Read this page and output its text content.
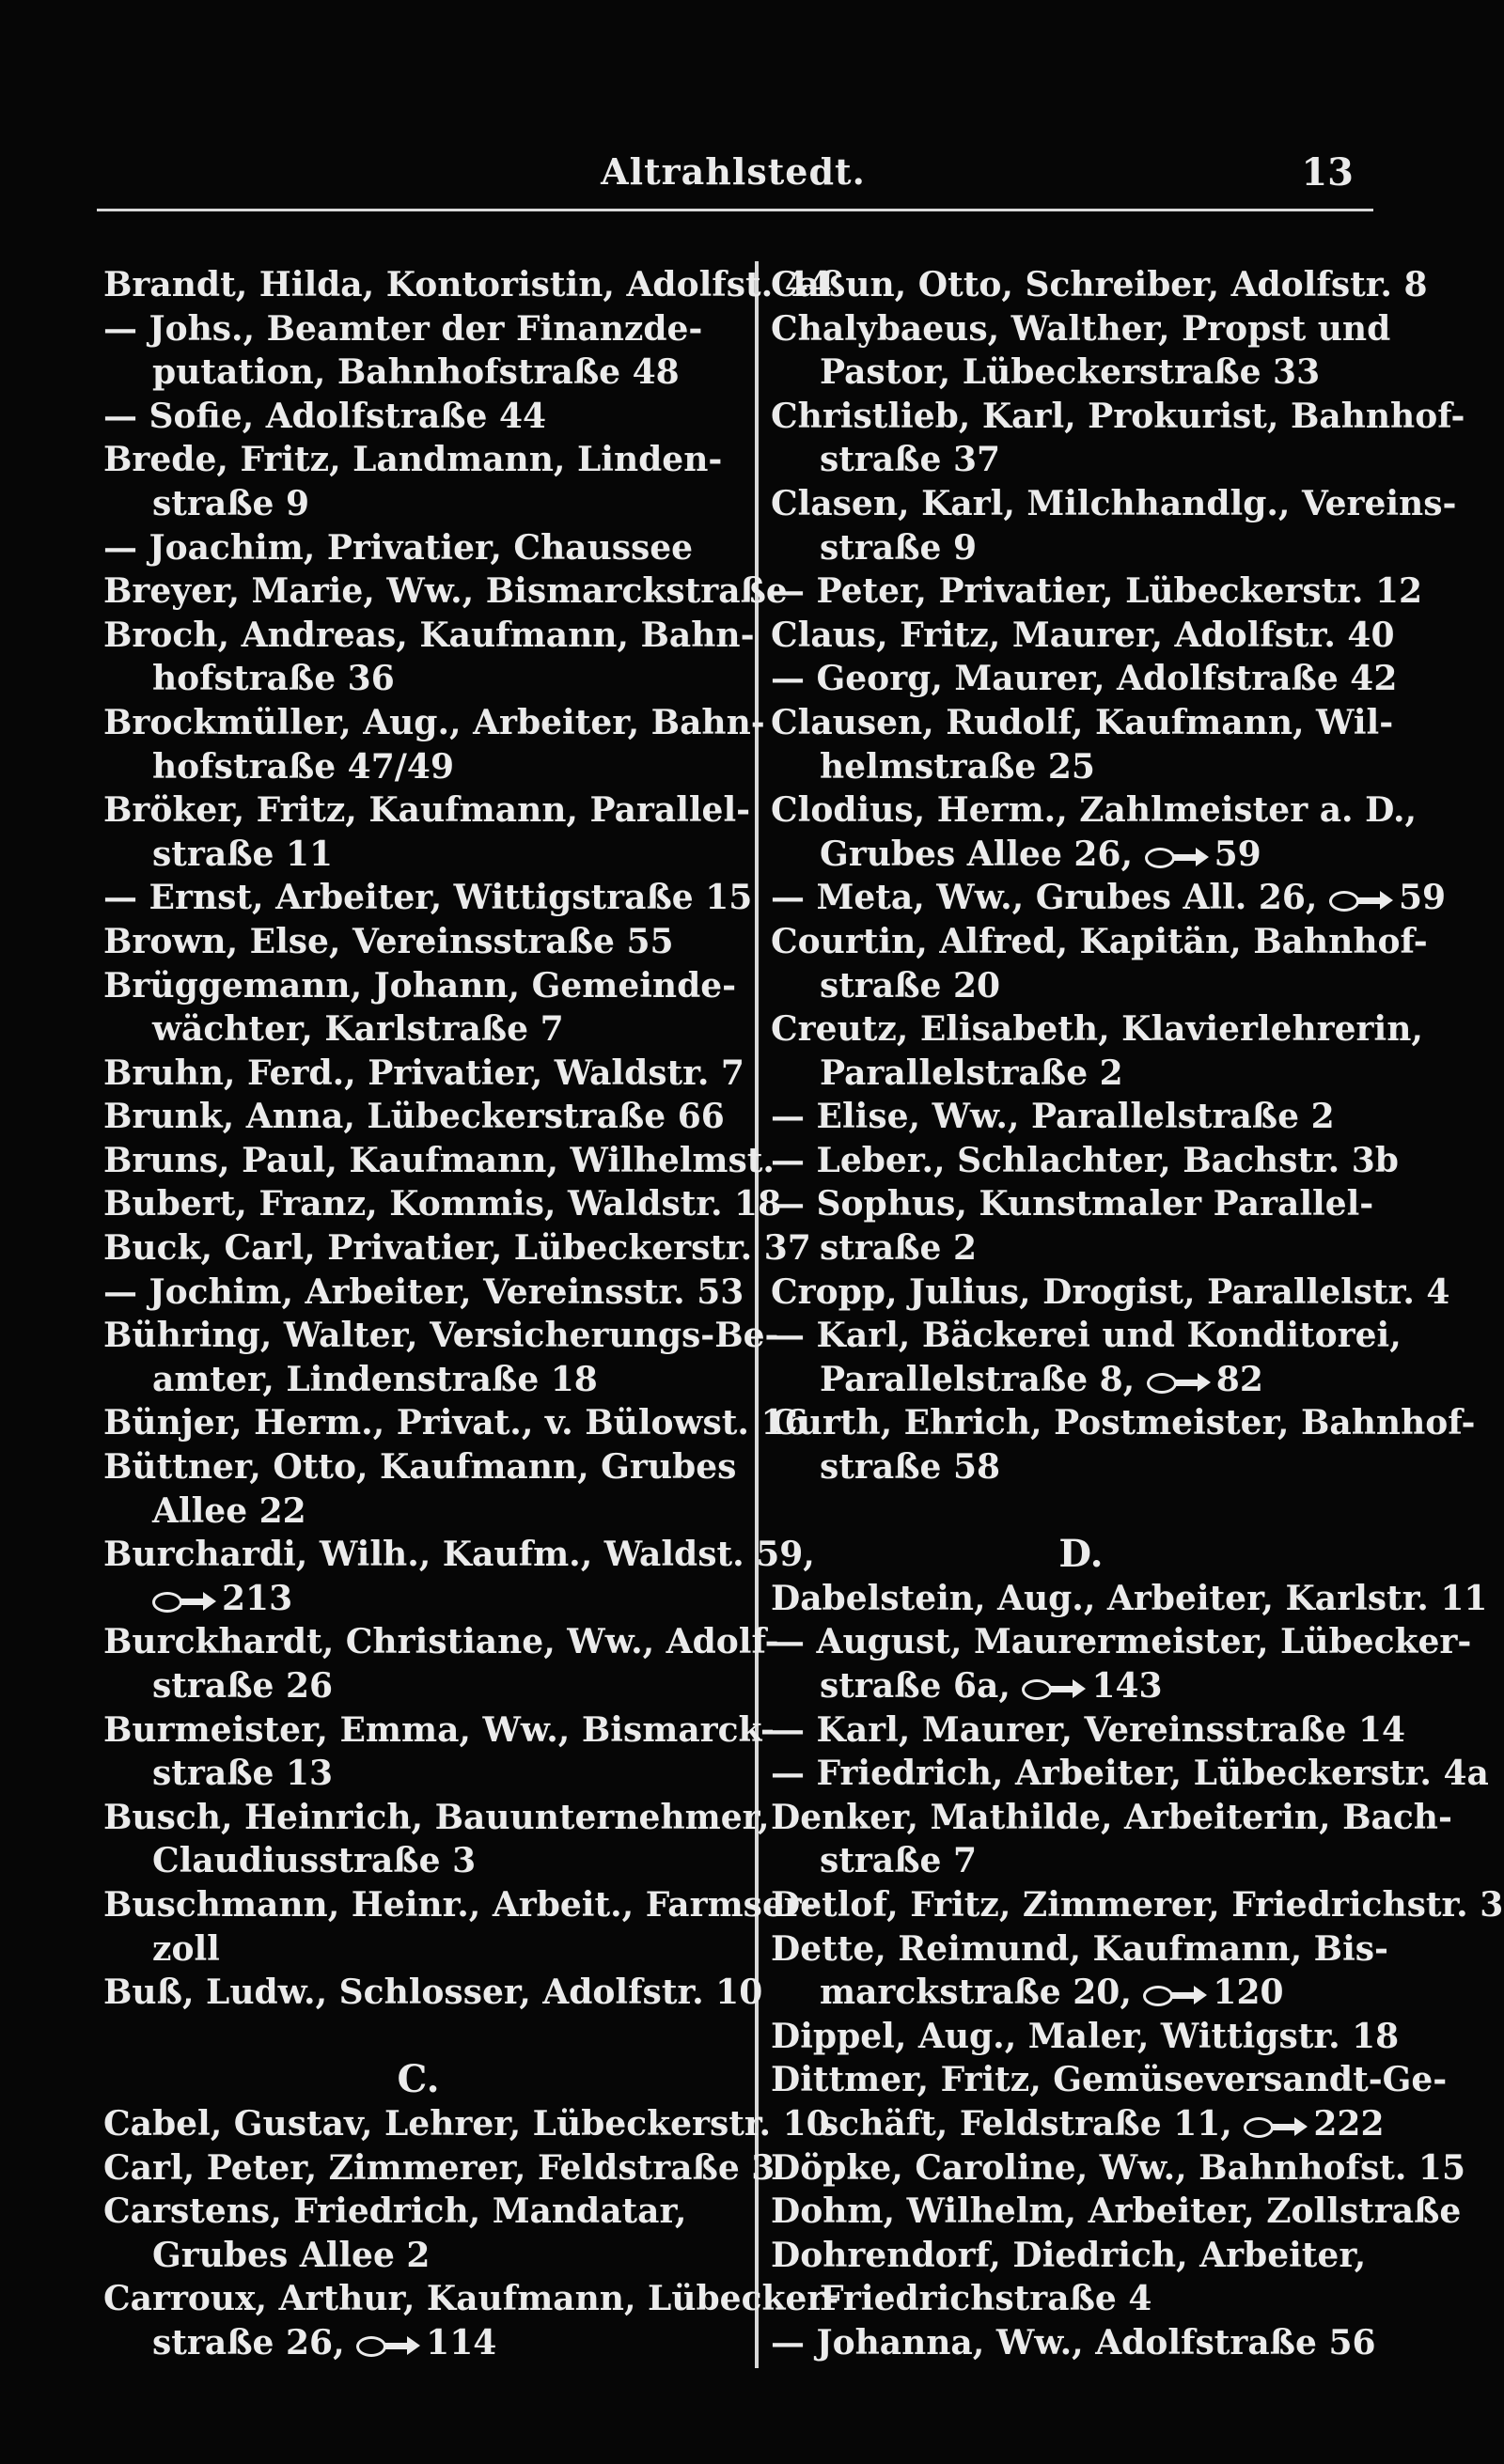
Altrahlstedt.	13
Brandt, Hilda, Kontoristin, Adolfst. 44
— Johs., Beamter der Finanzde-
putation, Bahnhofstraße 48
— Sofie, Adolfstraße 44
Brede, Fritz, Landmann, Linden-
straße 9
— Joachim, Privatier, Chaussee
Breyer, Marie, Ww., Bismarckstraße
Broch, Andreas, Kaufmann, Bahn-
hofstraße 36
Brockmüller, Aug., Arbeiter, Bahn-
hofstraße 47/49
Bröker, Fritz, Kaufmann, Parallel-
straße 11
— Ernst, Arbeiter, Wittigstraße 15
Brown, Else, Vereinsstraße 55
Brüggemann, Johann, Gemeinde-
wächter, Karlstraße 7
Bruhn, Ferd., Privatier, Waldstr. 7
Brunk, Anna, Lübeckerstraße 66
Bruns, Paul, Kaufmann, Wilhelmst.
Bubert, Franz, Kommis, Waldstr. 18
Buck, Carl, Privatier, Lübeckerstr. 37
— Jochim, Arbeiter, Vereinsstr. 53
Bühring, Walter, Versicherungs-Be-
amter, Lindenstraße 18
Bünjer, Herm., Privat., v. Bülowst. 16
Büttner, Otto, Kaufmann, Grubes
Allee 22
Burchardi, Wilh., Kaufm., Waldst. 59,
213
Burckhardt, Christiane, Ww., Adolf-
straße 26
Burmeister, Emma, Ww., Bismarck-
straße 13
Busch, Heinrich, Bauunternehmer,
Claudiusstraße 3
Buschmann, Heinr., Arbeit., Farmser-
zoll
Buß, Ludw., Schlosser, Adolfstr. 10
C.
Cabel, Gustav, Lehrer, Lübeckerstr. 10
Carl, Peter, Zimmerer, Feldstraße 3
Carstens, Friedrich, Mandatar,
Grubes Allee 2
Carroux, Arthur, Kaufmann, Lübecker-
straße 26, 114
Caßun, Otto, Schreiber, Adolfstr. 8
Chalybaeus, Walther, Propst und
Pastor, Lübeckerstraße 33
Christlieb, Karl, Prokurist, Bahnhof-
straße 37
Clasen, Karl, Milchhandlg., Vereins-
straße 9
— Peter, Privatier, Lübeckerstr. 12
Claus, Fritz, Maurer, Adolfstr. 40
— Georg, Maurer, Adolfstraße 42
Clausen, Rudolf, Kaufmann, Wil-
helmstraße 25
Clodius, Herm., Zahlmeister a. D.,
Grubes Allee 26, 59
— Meta, Ww., Grubes All. 26, 59
Courtin, Alfred, Kapitän, Bahnhof-
straße 20
Creutz, Elisabeth, Klavierlehrerin,
Parallelstraße 2
— Elise, Ww., Parallelstraße 2
— Leber., Schlachter, Bachstr. 3b
— Sophus, Kunstmaler Parallel-
straße 2
Cropp, Julius, Drogist, Parallelstr. 4
— Karl, Bäckerei und Konditorei,
Parallelstraße 8, 82
Curth, Ehrich, Postmeister, Bahnhof-
straße 58
D.
Dabelstein, Aug., Arbeiter, Karlstr. 11
— August, Maurermeister, Lübecker-
straße 6a, 143
— Karl, Maurer, Vereinsstraße 14
— Friedrich, Arbeiter, Lübeckerstr. 4a
Denker, Mathilde, Arbeiterin, Bach-
straße 7
Detlof, Fritz, Zimmerer, Friedrichstr. 3
Dette, Reimund, Kaufmann, Bis-
marckstraße 20, 120
Dippel, Aug., Maler, Wittigstr. 18
Dittmer, Fritz, Gemüseversandt-Ge-
schäft, Feldstraße 11, 222
Döpke, Caroline, Ww., Bahnhofst. 15
Dohm, Wilhelm, Arbeiter, Zollstraße
Dohrendorf, Diedrich, Arbeiter,
Friedrichstraße 4
— Johanna, Ww., Adolfstraße 56
